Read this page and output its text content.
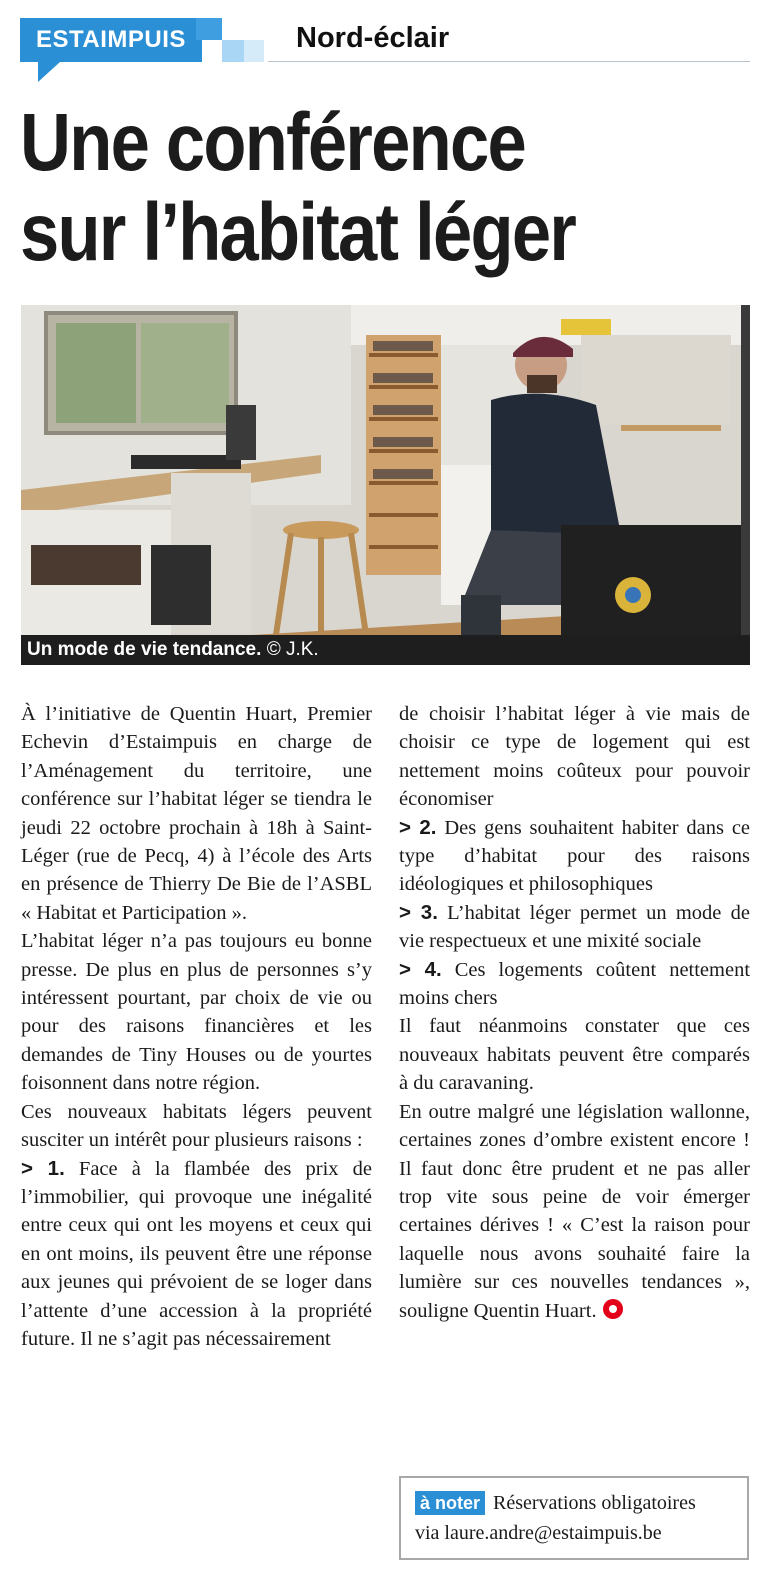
ESTAIMPUIS	Nord-éclair
Une conférence
sur l’habitat léger
Un mode de vie tendance. © J.K.

À l’initiative de Quentin Huart, Premier Echevin d’Estaimpuis en charge de l’Aménagement du territoire, une conférence sur l’habitat léger se tiendra le jeudi 22 octobre prochain à 18h à Saint-Léger (rue de Pecq, 4) à l’école des Arts en présence de Thierry De Bie de l’ASBL « Habitat et Participation ».

L’habitat léger n’a pas toujours eu bonne presse. De plus en plus de personnes s’y intéressent pourtant, par choix de vie ou pour des raisons financières et les demandes de Tiny Houses ou de yourtes foisonnent dans notre région.

Ces nouveaux habitats légers peuvent susciter un intérêt pour plusieurs raisons :

> 1. Face à la flambée des prix de l’immobilier, qui provoque une inégalité entre ceux qui ont les moyens et ceux qui en ont moins, ils peuvent être une réponse aux jeunes qui prévoient de se loger dans l’attente d’une accession à la propriété future. Il ne s’agit pas nécessairement

de choisir l’habitat léger à vie mais de choisir ce type de logement qui est nettement moins coûteux pour pouvoir économiser

> 2. Des gens souhaitent habiter dans ce type d’habitat pour des raisons idéologiques et philosophiques

> 3. L’habitat léger permet un mode de vie respectueux et une mixité sociale

> 4. Ces logements coûtent nettement moins chers

Il faut néanmoins constater que ces nouveaux habitats peuvent être comparés à du caravaning.

En outre malgré une législation wallonne, certaines zones d’ombre existent encore ! Il faut donc être prudent et ne pas aller trop vite sous peine de voir émerger certaines dérives ! « C’est la raison pour laquelle nous avons souhaité faire la lumière sur ces nouvelles tendances », souligne Quentin Huart.

à noter Réservations obligatoires
via laure.andre@estaimpuis.be
